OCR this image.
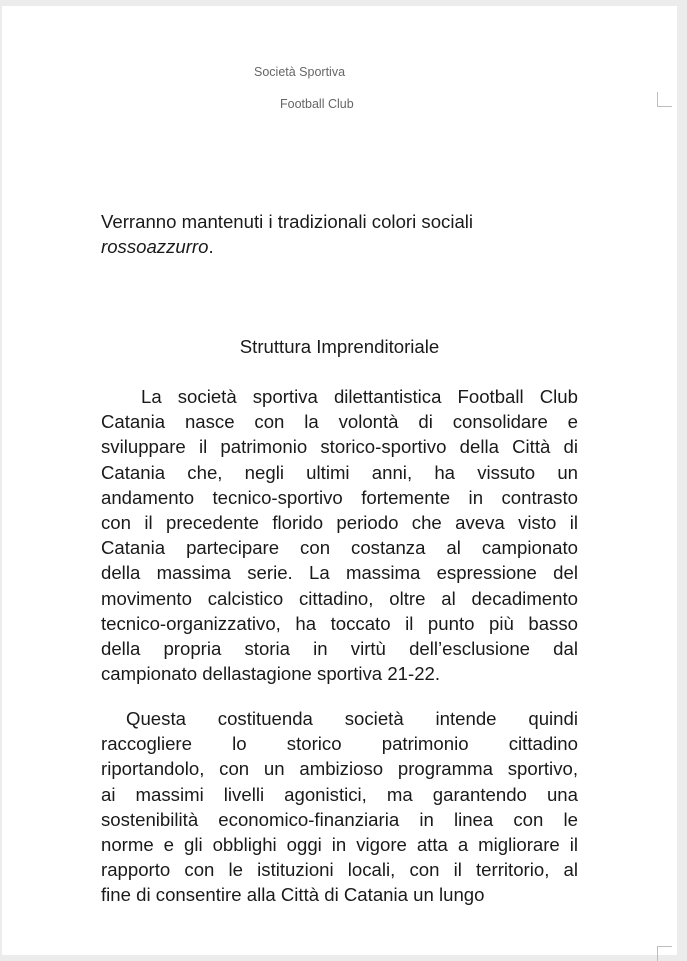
Società Sportiva
Football Club
Verranno mantenuti i tradizionali colori sociali
rossoazzurro.
Struttura Imprenditoriale
La società sportiva dilettantistica Football Club
Catania nasce con la volontà di consolidare e
sviluppare il patrimonio storico-sportivo della Città di
Catania che, negli ultimi anni, ha vissuto un
andamento tecnico-sportivo fortemente in contrasto
con il precedente florido periodo che aveva visto il
Catania partecipare con costanza al campionato
della massima serie. La massima espressione del
movimento calcistico cittadino, oltre al decadimento
tecnico-organizzativo, ha toccato il punto più basso
della propria storia in virtù dell’esclusione dal
campionato dellastagione sportiva 21-22.
Questa costituenda società intende quindi
raccogliere lo storico patrimonio cittadino
riportandolo, con un ambizioso programma sportivo,
ai massimi livelli agonistici, ma garantendo una
sostenibilità economico-finanziaria in linea con le
norme e gli obblighi oggi in vigore atta a migliorare il
rapporto con le istituzioni locali, con il territorio, al
fine di consentire alla Città di Catania un lungo
